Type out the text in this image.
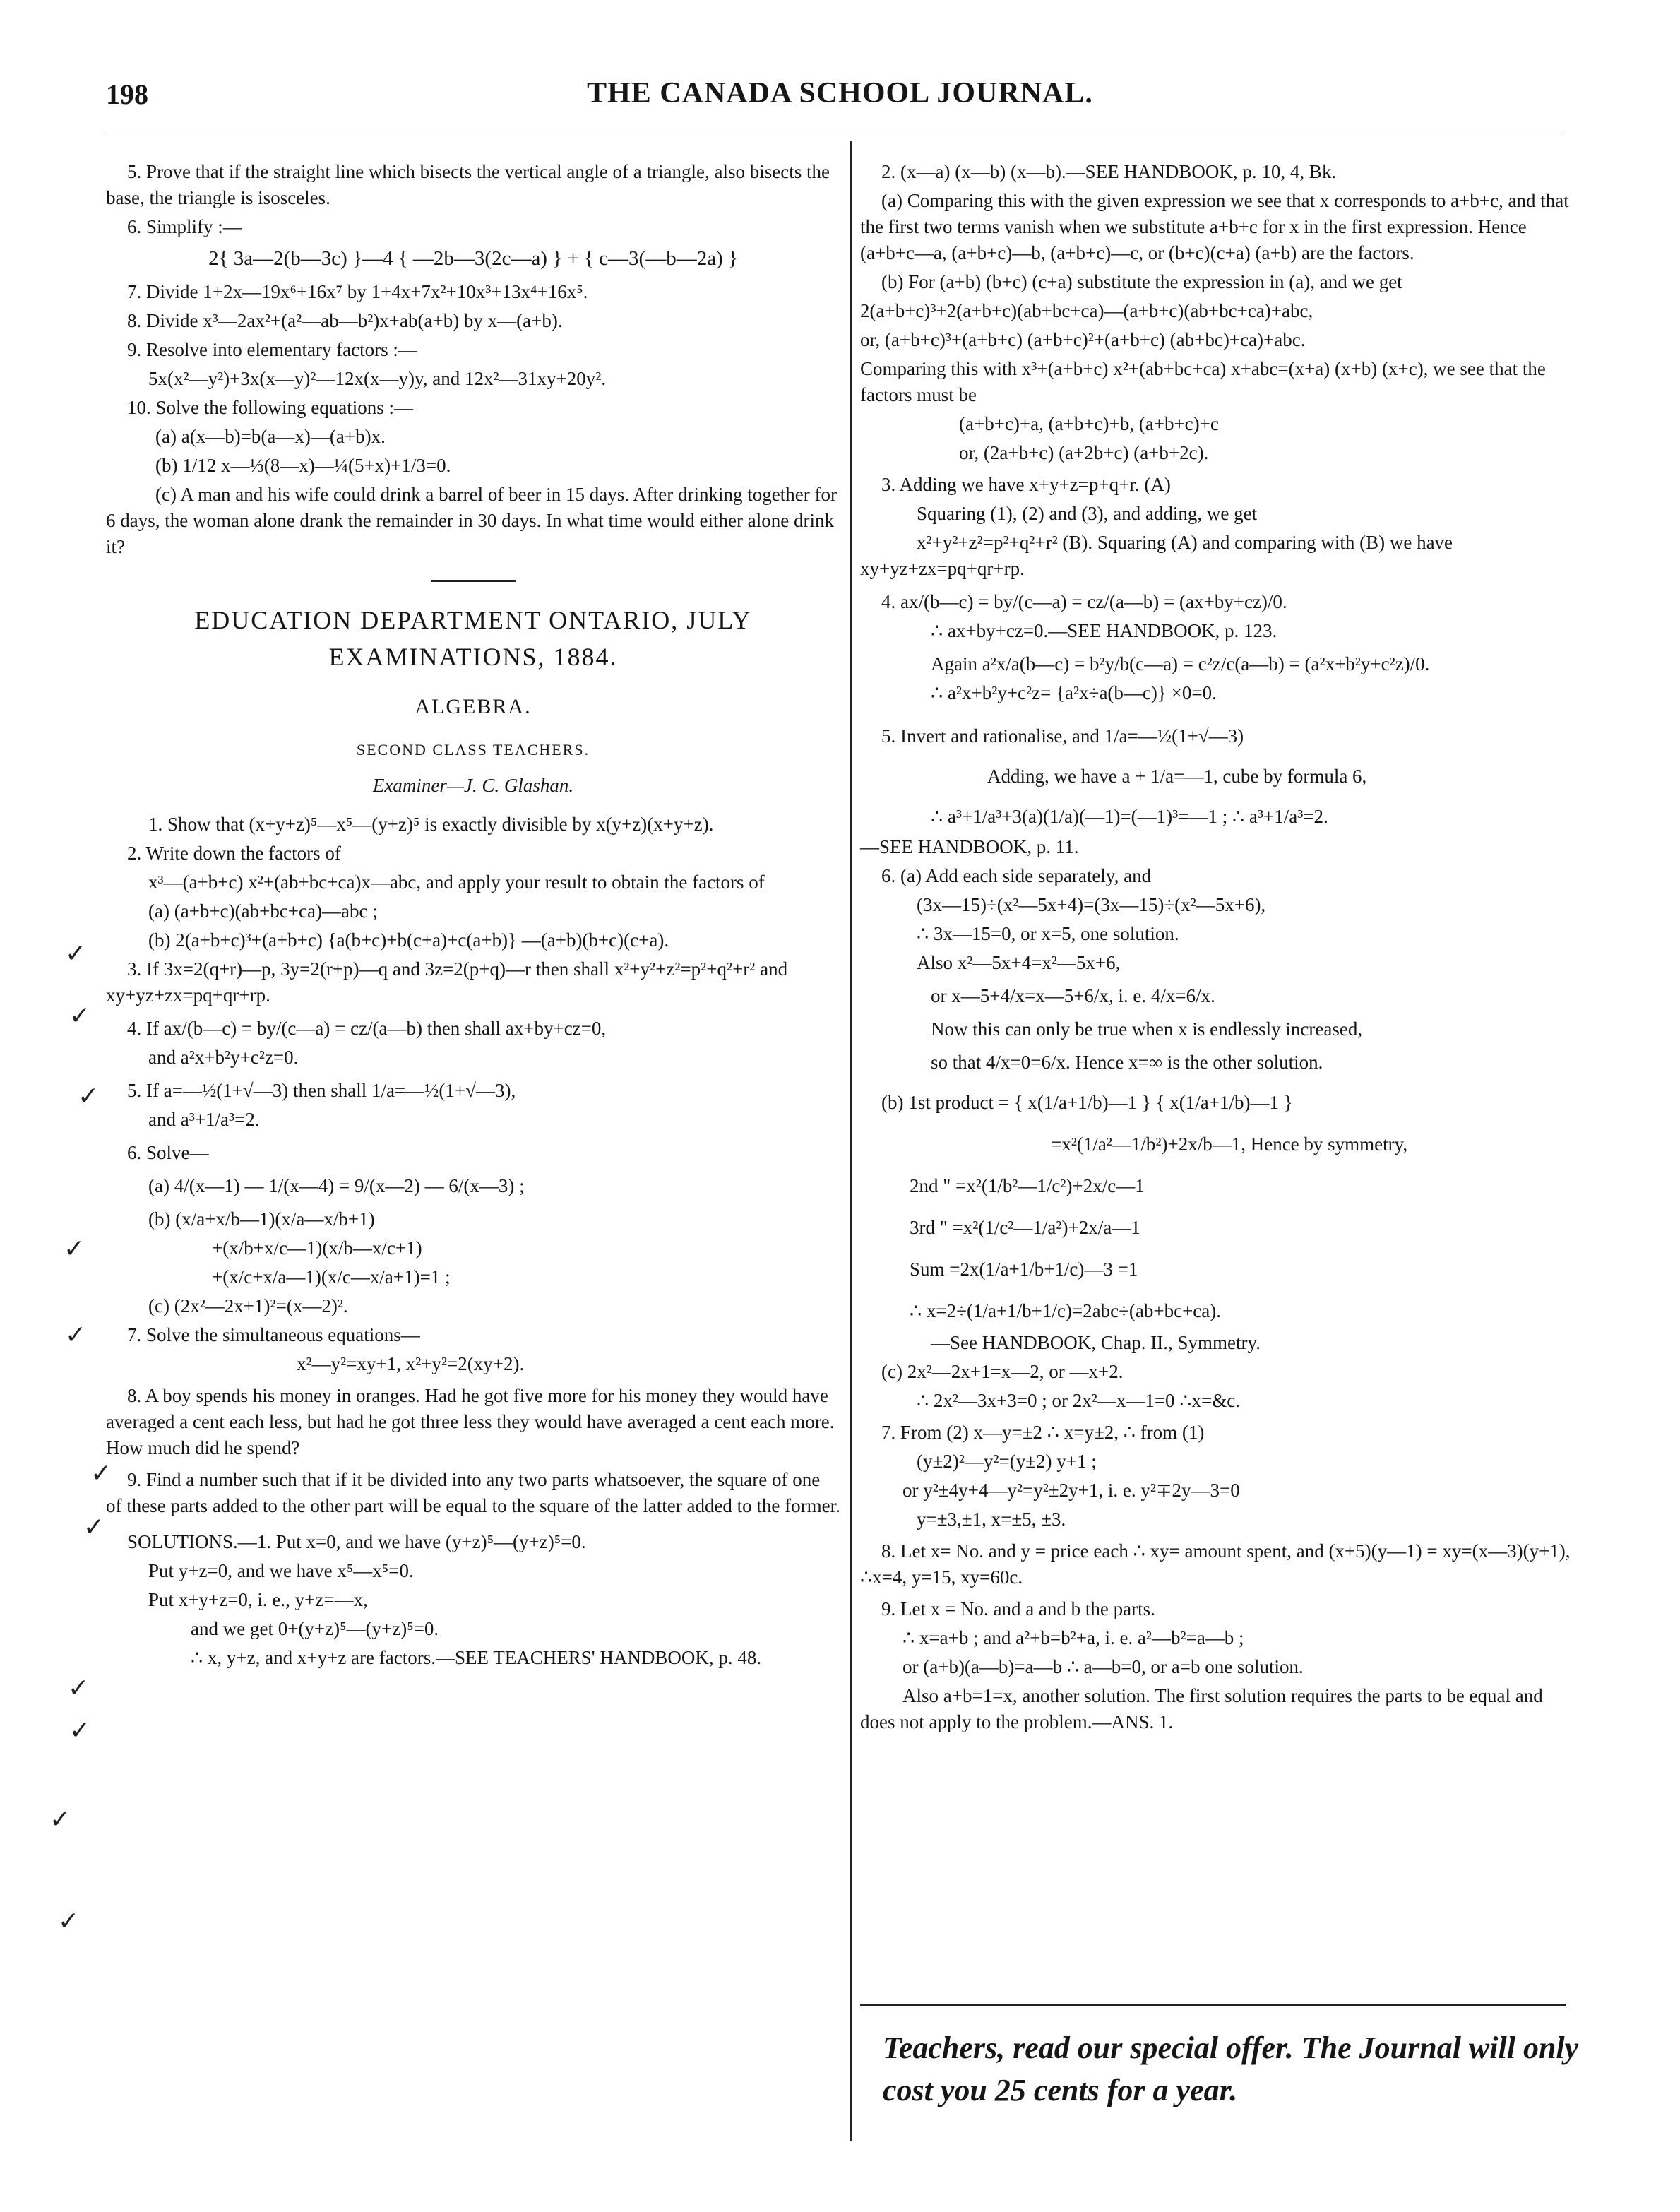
198	THE CANADA SCHOOL JOURNAL.

5. Prove that if the straight line which bisects the vertical angle of a triangle, also bisects the base, the triangle is isosceles.

6. Simplify :—

2{ 3a—2(b—3c) }—4 { —2b—3(2c—a) } + { c—3(—b—2a) }

7. Divide 1+2x—19x⁶+16x⁷ by 1+4x+7x²+10x³+13x⁴+16x⁵.

8. Divide x³—2ax²+(a²—ab—b²)x+ab(a+b) by x—(a+b).

9. Resolve into elementary factors :—

5x(x²—y²)+3x(x—y)²—12x(x—y)y, and 12x²—31xy+20y².

10. Solve the following equations :—

(a) a(x—b)=b(a—x)—(a+b)x.

(b) 1/12 x—⅓(8—x)—¼(5+x)+1/3=0.

(c) A man and his wife could drink a barrel of beer in 15 days. After drinking together for 6 days, the woman alone drank the remainder in 30 days. In what time would either alone drink it?

EDUCATION DEPARTMENT ONTARIO, JULY EXAMINATIONS, 1884.
ALGEBRA.
SECOND CLASS TEACHERS.
Examiner—J. C. Glashan.

1. Show that (x+y+z)⁵—x⁵—(y+z)⁵ is exactly divisible by x(y+z)(x+y+z).

2. Write down the factors of

x³—(a+b+c) x²+(ab+bc+ca)x—abc, and apply your result to obtain the factors of

(a) (a+b+c)(ab+bc+ca)—abc ;

(b) 2(a+b+c)³+(a+b+c) {a(b+c)+b(c+a)+c(a+b)} —(a+b)(b+c)(c+a).

3. If 3x=2(q+r)—p, 3y=2(r+p)—q and 3z=2(p+q)—r then shall x²+y²+z²=p²+q²+r² and xy+yz+zx=pq+qr+rp.

4. If ax/(b—c) = by/(c—a) = cz/(a—b) then shall ax+by+cz=0,

and a²x+b²y+c²z=0.

5. If a=—½(1+√—3) then shall 1/a=—½(1+√—3),

and a³+1/a³=2.

6. Solve—

(a) 4/(x—1) — 1/(x—4) = 9/(x—2) — 6/(x—3) ;

(b) (x/a+x/b—1)(x/a—x/b+1)

+(x/b+x/c—1)(x/b—x/c+1)

+(x/c+x/a—1)(x/c—x/a+1)=1 ;

(c) (2x²—2x+1)²=(x—2)².

7. Solve the simultaneous equations—

x²—y²=xy+1, x²+y²=2(xy+2).

8. A boy spends his money in oranges. Had he got five more for his money they would have averaged a cent each less, but had he got three less they would have averaged a cent each more. How much did he spend?

9. Find a number such that if it be divided into any two parts whatsoever, the square of one of these parts added to the other part will be equal to the square of the latter added to the former.

SOLUTIONS.—1. Put x=0, and we have (y+z)⁵—(y+z)⁵=0.

Put y+z=0, and we have x⁵—x⁵=0.

Put x+y+z=0, i. e., y+z=—x,

and we get 0+(y+z)⁵—(y+z)⁵=0.

∴ x, y+z, and x+y+z are factors.—SEE TEACHERS' HANDBOOK, p. 48.

✓
✓
✓
✓
✓
✓
✓
✓
✓
✓
✓

2. (x—a) (x—b) (x—b).—SEE HANDBOOK, p. 10, 4, Bk.

(a) Comparing this with the given expression we see that x corresponds to a+b+c, and that the first two terms vanish when we substitute a+b+c for x in the first expression. Hence (a+b+c—a, (a+b+c)—b, (a+b+c)—c, or (b+c)(c+a) (a+b) are the factors.

(b) For (a+b) (b+c) (c+a) substitute the expression in (a), and we get

2(a+b+c)³+2(a+b+c)(ab+bc+ca)—(a+b+c)(ab+bc+ca)+abc,

or, (a+b+c)³+(a+b+c) (a+b+c)²+(a+b+c) (ab+bc)+ca)+abc.

Comparing this with x³+(a+b+c) x²+(ab+bc+ca) x+abc=(x+a) (x+b) (x+c), we see that the factors must be

(a+b+c)+a, (a+b+c)+b, (a+b+c)+c

or, (2a+b+c) (a+2b+c) (a+b+2c).

3. Adding we have x+y+z=p+q+r. (A)

Squaring (1), (2) and (3), and adding, we get

x²+y²+z²=p²+q²+r² (B). Squaring (A) and comparing with (B) we have xy+yz+zx=pq+qr+rp.

4. ax/(b—c) = by/(c—a) = cz/(a—b) = (ax+by+cz)/0.

∴ ax+by+cz=0.—SEE HANDBOOK, p. 123.

Again a²x/a(b—c) = b²y/b(c—a) = c²z/c(a—b) = (a²x+b²y+c²z)/0.

∴ a²x+b²y+c²z= {a²x÷a(b—c)} ×0=0.

5. Invert and rationalise, and 1/a=—½(1+√—3)

Adding, we have a + 1/a=—1, cube by formula 6,

∴ a³+1/a³+3(a)(1/a)(—1)=(—1)³=—1 ; ∴ a³+1/a³=2.

—SEE HANDBOOK, p. 11.

6. (a) Add each side separately, and

(3x—15)÷(x²—5x+4)=(3x—15)÷(x²—5x+6),

∴ 3x—15=0, or x=5, one solution.

Also x²—5x+4=x²—5x+6,

or x—5+4/x=x—5+6/x, i. e. 4/x=6/x.

Now this can only be true when x is endlessly increased,

so that 4/x=0=6/x. Hence x=∞ is the other solution.

(b) 1st product = { x(1/a+1/b)—1 } { x(1/a+1/b)—1 }

=x²(1/a²—1/b²)+2x/b—1, Hence by symmetry,

2nd " =x²(1/b²—1/c²)+2x/c—1

3rd " =x²(1/c²—1/a²)+2x/a—1

Sum =2x(1/a+1/b+1/c)—3 =1

∴ x=2÷(1/a+1/b+1/c)=2abc÷(ab+bc+ca).

—See HANDBOOK, Chap. II., Symmetry.

(c) 2x²—2x+1=x—2, or —x+2.

∴ 2x²—3x+3=0 ; or 2x²—x—1=0 ∴x=&c.

7. From (2) x—y=±2 ∴ x=y±2, ∴ from (1)

(y±2)²—y²=(y±2) y+1 ;

or y²±4y+4—y²=y²±2y+1, i. e. y²∓2y—3=0

y=±3,±1, x=±5, ±3.

8. Let x= No. and y = price each ∴ xy= amount spent, and (x+5)(y—1) = xy=(x—3)(y+1), ∴x=4, y=15, xy=60c.

9. Let x = No. and a and b the parts.

∴ x=a+b ; and a²+b=b²+a, i. e. a²—b²=a—b ;

or (a+b)(a—b)=a—b ∴ a—b=0, or a=b one solution.

Also a+b=1=x, another solution. The first solution requires the parts to be equal and does not apply to the problem.—ANS. 1.

Teachers, read our special offer. The Journal will only cost you 25 cents for a year.
